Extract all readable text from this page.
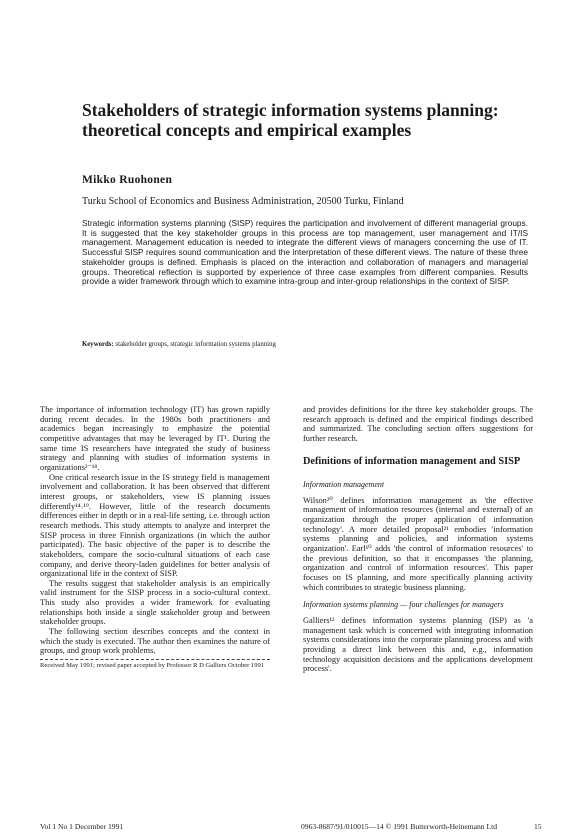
Stakeholders of strategic information systems planning: theoretical concepts and empirical examples
Mikko Ruohonen
Turku School of Economics and Business Administration, 20500 Turku, Finland

Strategic information systems planning (SISP) requires the participation and involvement of different managerial groups. It is suggested that the key stakeholder groups in this process are top management, user management and IT/IS management. Management education is needed to integrate the different views of managers concerning the use of IT. Successful SISP requires sound communication and the interpretation of these different views. The nature of these three stakeholder groups is defined. Emphasis is placed on the interaction and collaboration of managers and managerial groups. Theoretical reflection is supported by experience of three case examples from different companies. Results provide a wider framework through which to examine intra-group and inter-group relationships in the context of SISP.

Keywords: stakeholder groups, strategic information systems planning

The importance of information technology (IT) has grown rapidly during recent decades. In the 1980s both practitioners and academics began increasingly to emphasize the potential competitive advantages that may be leveraged by IT¹. During the same time IS researchers have integrated the study of business strategy and planning with studies of information systems in organizations²⁻¹⁸.

One critical research issue in the IS strategy field is management involvement and collaboration. It has been observed that different interest groups, or stakeholders, view IS planning issues differently¹⁴˒¹⁹. However, little of the research documents differences either in depth or in a real-life setting, i.e. through action research methods. This study attempts to analyze and interpret the SISP process in three Finnish organizations (in which the author participated). The basic objective of the paper is to describe the stakeholders, compare the socio-cultural situations of each case company, and derive theory-laden guidelines for better analysis of organizational life in the context of SISP.

The results suggest that stakeholder analysis is an empirically valid instrument for the SISP process in a socio-cultural context. This study also provides a wider framework for evaluating relationships both inside a single stakeholder group and between stakeholder groups.

The following section describes concepts and the context in which the study is executed. The author then examines the nature of groups, and group work problems,

Received May 1991; revised paper accepted by Professor R D Galliers October 1991

and provides definitions for the three key stakeholder groups. The research approach is defined and the empirical findings described and summarized. The concluding section offers suggestions for further research.

Definitions of information management and SISP

Information management

Wilson²⁰ defines information management as 'the effective management of information resources (internal and external) of an organization through the proper application of information technology'. A more detailed proposal²¹ embodies 'information systems planning and policies, and information systems organization'. Earl¹⁰ adds 'the control of information resources' to the previous definition, so that it encompasses 'the planning, organization and control of information resources'. This paper focuses on IS planning, and more specifically planning activity which contributes to strategic business planning.

Information systems planning — four challenges for managers

Galliers¹² defines information systems planning (ISP) as 'a management task which is concerned with integrating information systems considerations into the corporate planning process and with providing a direct link between this and, e.g., information technology acquisition decisions and the applications development process'.

Vol 1 No 1 December 1991	0963-8687/91/010015—14 © 1991 Butterworth-Heinemann Ltd	15
